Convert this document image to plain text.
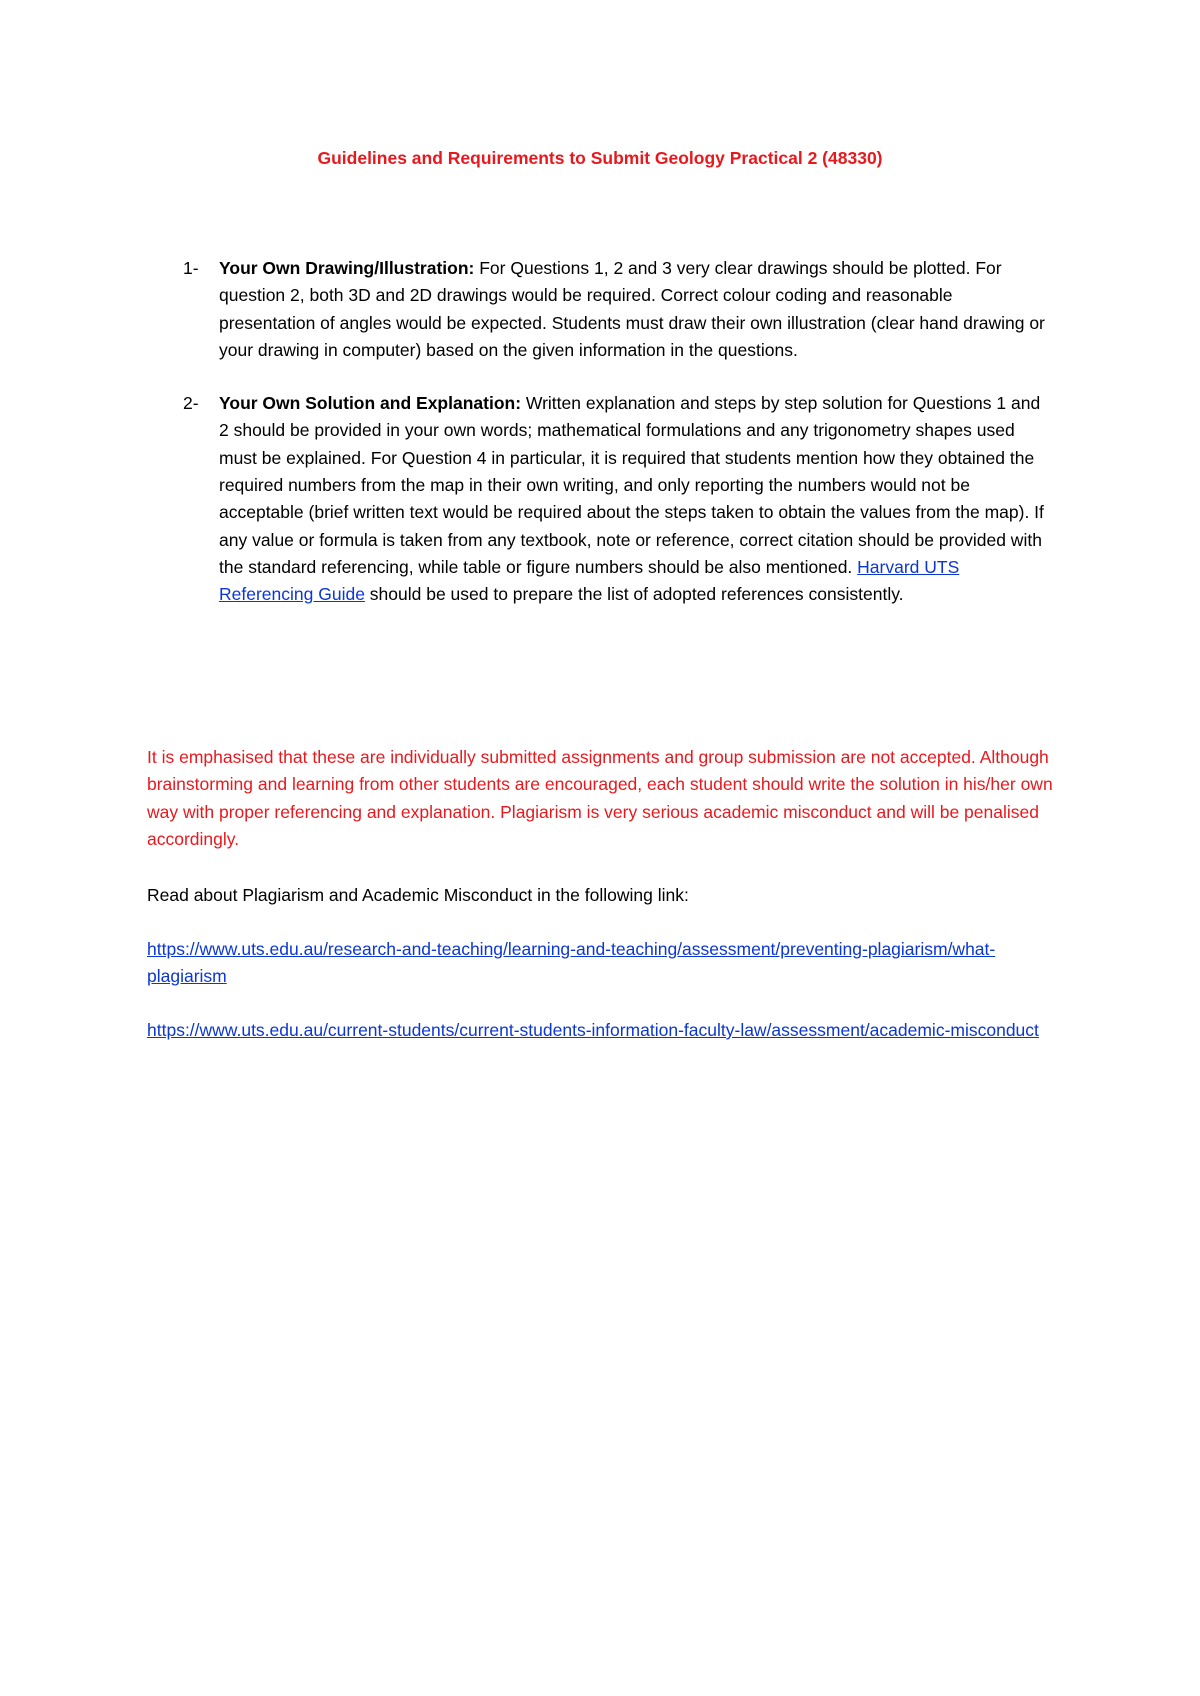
Guidelines and Requirements to Submit Geology Practical 2 (48330)
1- Your Own Drawing/Illustration: For Questions 1, 2 and 3 very clear drawings should be plotted. For question 2, both 3D and 2D drawings would be required. Correct colour coding and reasonable presentation of angles would be expected. Students must draw their own illustration (clear hand drawing or your drawing in computer) based on the given information in the questions.
2- Your Own Solution and Explanation: Written explanation and steps by step solution for Questions 1 and 2 should be provided in your own words; mathematical formulations and any trigonometry shapes used must be explained. For Question 4 in particular, it is required that students mention how they obtained the required numbers from the map in their own writing, and only reporting the numbers would not be acceptable (brief written text would be required about the steps taken to obtain the values from the map). If any value or formula is taken from any textbook, note or reference, correct citation should be provided with the standard referencing, while table or figure numbers should be also mentioned. Harvard UTS Referencing Guide should be used to prepare the list of adopted references consistently.

It is emphasised that these are individually submitted assignments and group submission are not accepted. Although brainstorming and learning from other students are encouraged, each student should write the solution in his/her own way with proper referencing and explanation. Plagiarism is very serious academic misconduct and will be penalised accordingly.

Read about Plagiarism and Academic Misconduct in the following link:

https://www.uts.edu.au/research-and-teaching/learning-and-teaching/assessment/preventing-plagiarism/what-plagiarism

https://www.uts.edu.au/current-students/current-students-information-faculty-law/assessment/academic-misconduct
